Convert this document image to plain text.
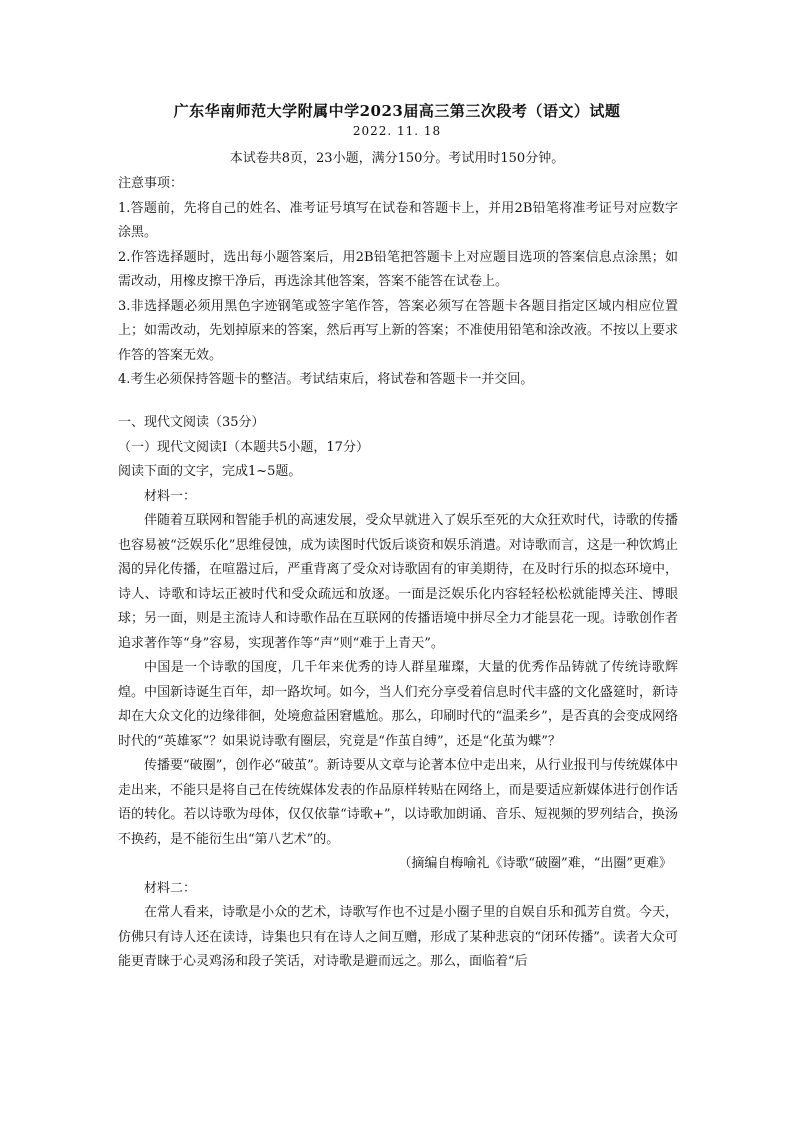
广东华南师范大学附属中学2023届高三第三次段考（语文）试题
2022. 11. 18
本试卷共8页，23小题，满分150分。考试用时150分钟。

注意事项：

1.答题前，先将自己的姓名、准考证号填写在试卷和答题卡上，并用2B铅笔将准考证号对应数字涂黑。

2.作答选择题时，选出每小题答案后，用2B铅笔把答题卡上对应题目选项的答案信息点涂黑；如需改动，用橡皮擦干净后，再选涂其他答案，答案不能答在试卷上。

3.非选择题必须用黑色字迹钢笔或签字笔作答，答案必须写在答题卡各题目指定区域内相应位置上；如需改动，先划掉原来的答案，然后再写上新的答案；不准使用铅笔和涂改液。不按以上要求作答的答案无效。

4.考生必须保持答题卡的整洁。考试结束后，将试卷和答题卡一并交回。

一、现代文阅读（35分）

（一）现代文阅读Ⅰ（本题共5小题，17分）

阅读下面的文字，完成1~5题。

材料一：

伴随着互联网和智能手机的高速发展，受众早就进入了娱乐至死的大众狂欢时代，诗歌的传播也容易被“泛娱乐化”思维侵蚀，成为读图时代饭后谈资和娱乐消遣。对诗歌而言，这是一种饮鸩止渴的异化传播，在喧嚣过后，严重背离了受众对诗歌固有的审美期待，在及时行乐的拟态环境中，诗人、诗歌和诗坛正被时代和受众疏远和放逐。一面是泛娱乐化内容轻轻松松就能博关注、博眼球；另一面，则是主流诗人和诗歌作品在互联网的传播语境中拼尽全力才能昙花一现。诗歌创作者追求著作等“身”容易，实现著作等“声”则“难于上青天”。

中国是一个诗歌的国度，几千年来优秀的诗人群星璀璨，大量的优秀作品铸就了传统诗歌辉煌。中国新诗诞生百年，却一路坎坷。如今，当人们充分享受着信息时代丰盛的文化盛筵时，新诗却在大众文化的边缘徘徊，处境愈益困窘尴尬。那么，印刷时代的“温柔乡”，是否真的会变成网络时代的“英雄冢”？如果说诗歌有圈层，究竟是“作茧自缚”，还是“化茧为蝶”？

传播要“破圈”，创作必“破茧”。新诗要从文章与论著本位中走出来，从行业报刊与传统媒体中走出来，不能只是将自己在传统媒体发表的作品原样转贴在网络上，而是要适应新媒体进行创作话语的转化。若以诗歌为母体，仅仅依靠“诗歌+”，以诗歌加朗诵、音乐、短视频的罗列结合，换汤不换药，是不能衍生出“第八艺术”的。

（摘编自梅喻礼《诗歌“破圈”难，“出圈”更难》

材料二：

在常人看来，诗歌是小众的艺术，诗歌写作也不过是小圈子里的自娱自乐和孤芳自赏。今天，仿佛只有诗人还在读诗，诗集也只有在诗人之间互赠，形成了某种悲哀的“闭环传播”。读者大众可能更青睐于心灵鸡汤和段子笑话，对诗歌是避而远之。那么，面临着“后
